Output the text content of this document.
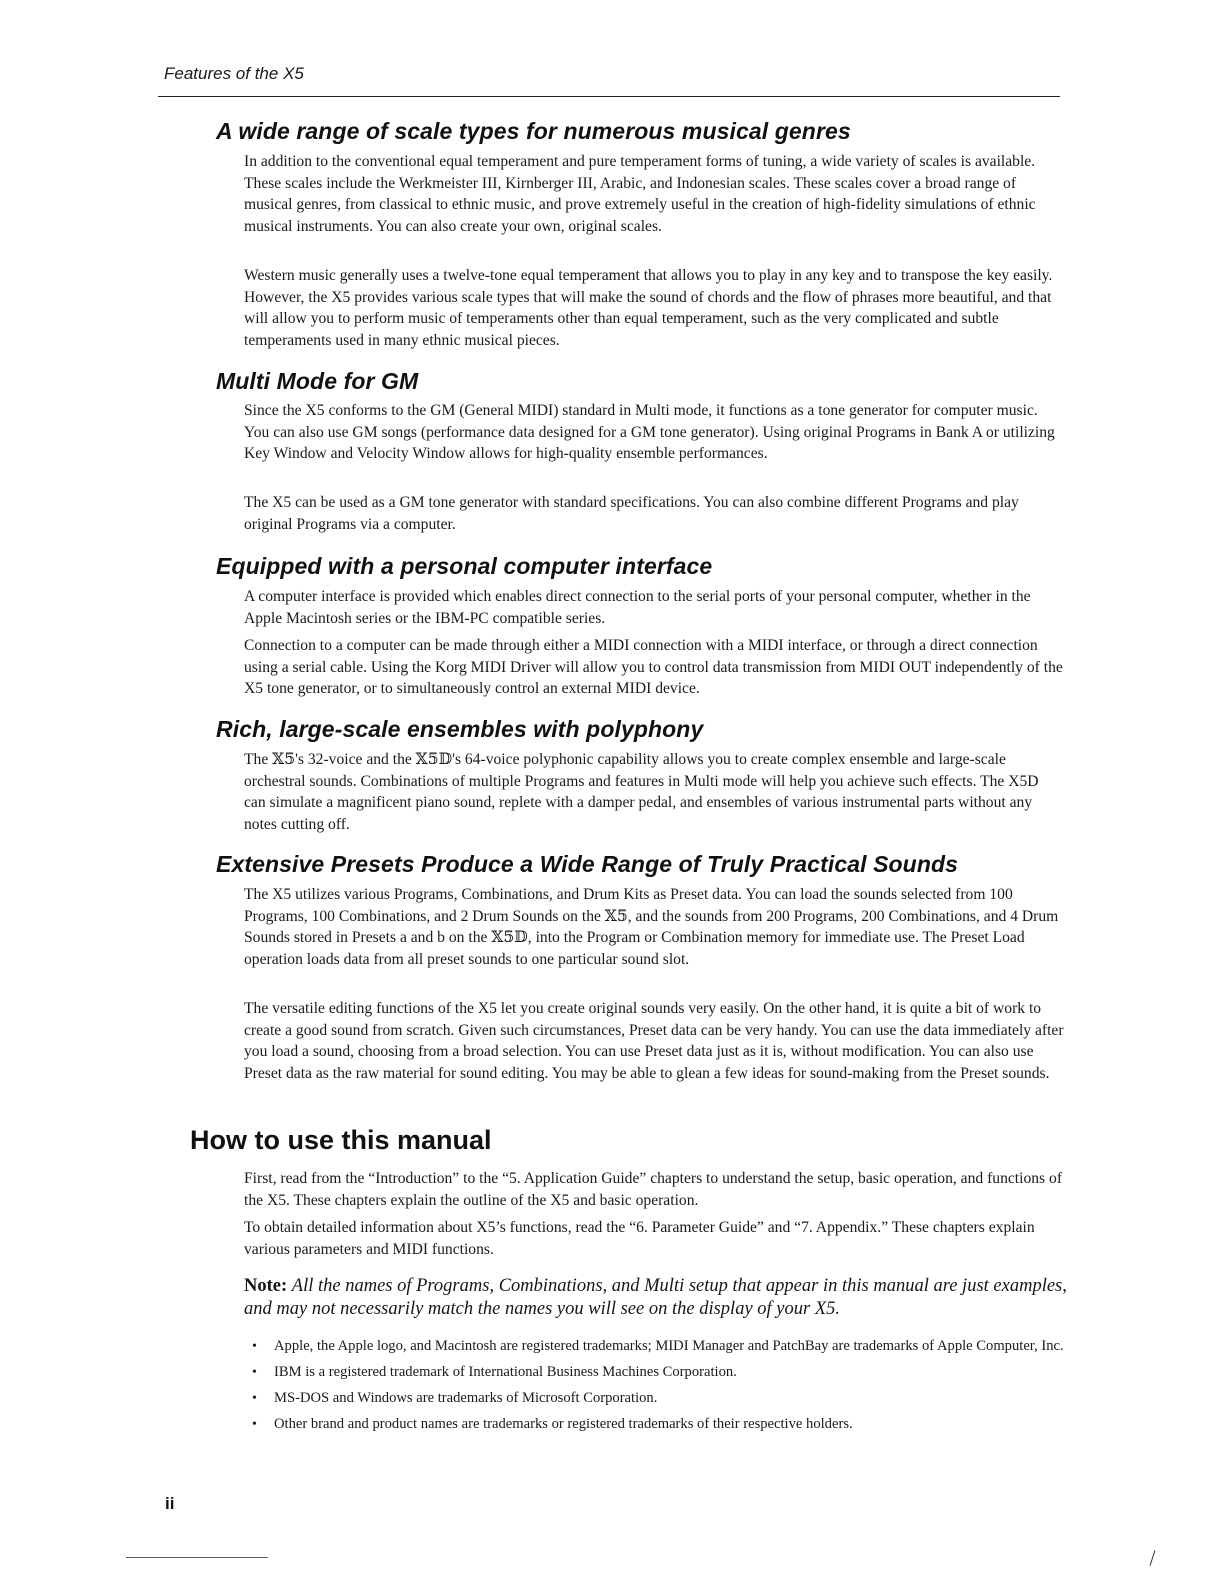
Features of the X5
A wide range of scale types for numerous musical genres

In addition to the conventional equal temperament and pure temperament forms of tuning, a wide variety of scales is available. These scales include the Werkmeister III, Kirnberger III, Arabic, and Indonesian scales. These scales cover a broad range of musical genres, from classical to ethnic music, and prove extremely useful in the creation of high-fidelity simulations of ethnic musical instruments. You can also create your own, original scales.

Western music generally uses a twelve-tone equal temperament that allows you to play in any key and to transpose the key easily. However, the X5 provides various scale types that will make the sound of chords and the flow of phrases more beautiful, and that will allow you to perform music of temperaments other than equal temperament, such as the very complicated and subtle temperaments used in many ethnic musical pieces.

Multi Mode for GM

Since the X5 conforms to the GM (General MIDI) standard in Multi mode, it functions as a tone generator for computer music. You can also use GM songs (performance data designed for a GM tone generator). Using original Programs in Bank A or utilizing Key Window and Velocity Window allows for high-quality ensemble performances.

The X5 can be used as a GM tone generator with standard specifications. You can also combine different Programs and play original Programs via a computer.

Equipped with a personal computer interface

A computer interface is provided which enables direct connection to the serial ports of your personal computer, whether in the Apple Macintosh series or the IBM-PC compatible series.

Connection to a computer can be made through either a MIDI connection with a MIDI interface, or through a direct connection using a serial cable. Using the Korg MIDI Driver will allow you to control data transmission from MIDI OUT independently of the X5 tone generator, or to simultaneously control an external MIDI device.

Rich, large-scale ensembles with polyphony

The 𝕏𝟝's 32-voice and the 𝕏𝟝𝔻's 64-voice polyphonic capability allows you to create complex ensemble and large-scale orchestral sounds. Combinations of multiple Programs and features in Multi mode will help you achieve such effects. The X5D can simulate a magnificent piano sound, replete with a damper pedal, and ensembles of various instrumental parts without any notes cutting off.

Extensive Presets Produce a Wide Range of Truly Practical Sounds

The X5 utilizes various Programs, Combinations, and Drum Kits as Preset data. You can load the sounds selected from 100 Programs, 100 Combinations, and 2 Drum Sounds on the 𝕏𝟝, and the sounds from 200 Programs, 200 Combinations, and 4 Drum Sounds stored in Presets a and b on the 𝕏𝟝𝔻, into the Program or Combination memory for immediate use. The Preset Load operation loads data from all preset sounds to one particular sound slot.

The versatile editing functions of the X5 let you create original sounds very easily. On the other hand, it is quite a bit of work to create a good sound from scratch. Given such circumstances, Preset data can be very handy. You can use the data immediately after you load a sound, choosing from a broad selection. You can use Preset data just as it is, without modification. You can also use Preset data as the raw material for sound editing. You may be able to glean a few ideas for sound-making from the Preset sounds.

How to use this manual

First, read from the “Introduction” to the “5. Application Guide” chapters to understand the setup, basic operation, and functions of the X5. These chapters explain the outline of the X5 and basic operation.

To obtain detailed information about X5’s functions, read the “6. Parameter Guide” and “7. Appendix.” These chapters explain various parameters and MIDI functions.

Note: All the names of Programs, Combinations, and Multi setup that appear in this manual are just examples, and may not necessarily match the names you will see on the display of your X5.

• Apple, the Apple logo, and Macintosh are registered trademarks; MIDI Manager and PatchBay are trademarks of Apple Computer, Inc.
• IBM is a registered trademark of International Business Machines Corporation.
• MS-DOS and Windows are trademarks of Microsoft Corporation.
• Other brand and product names are trademarks or registered trademarks of their respective holders.
ii
